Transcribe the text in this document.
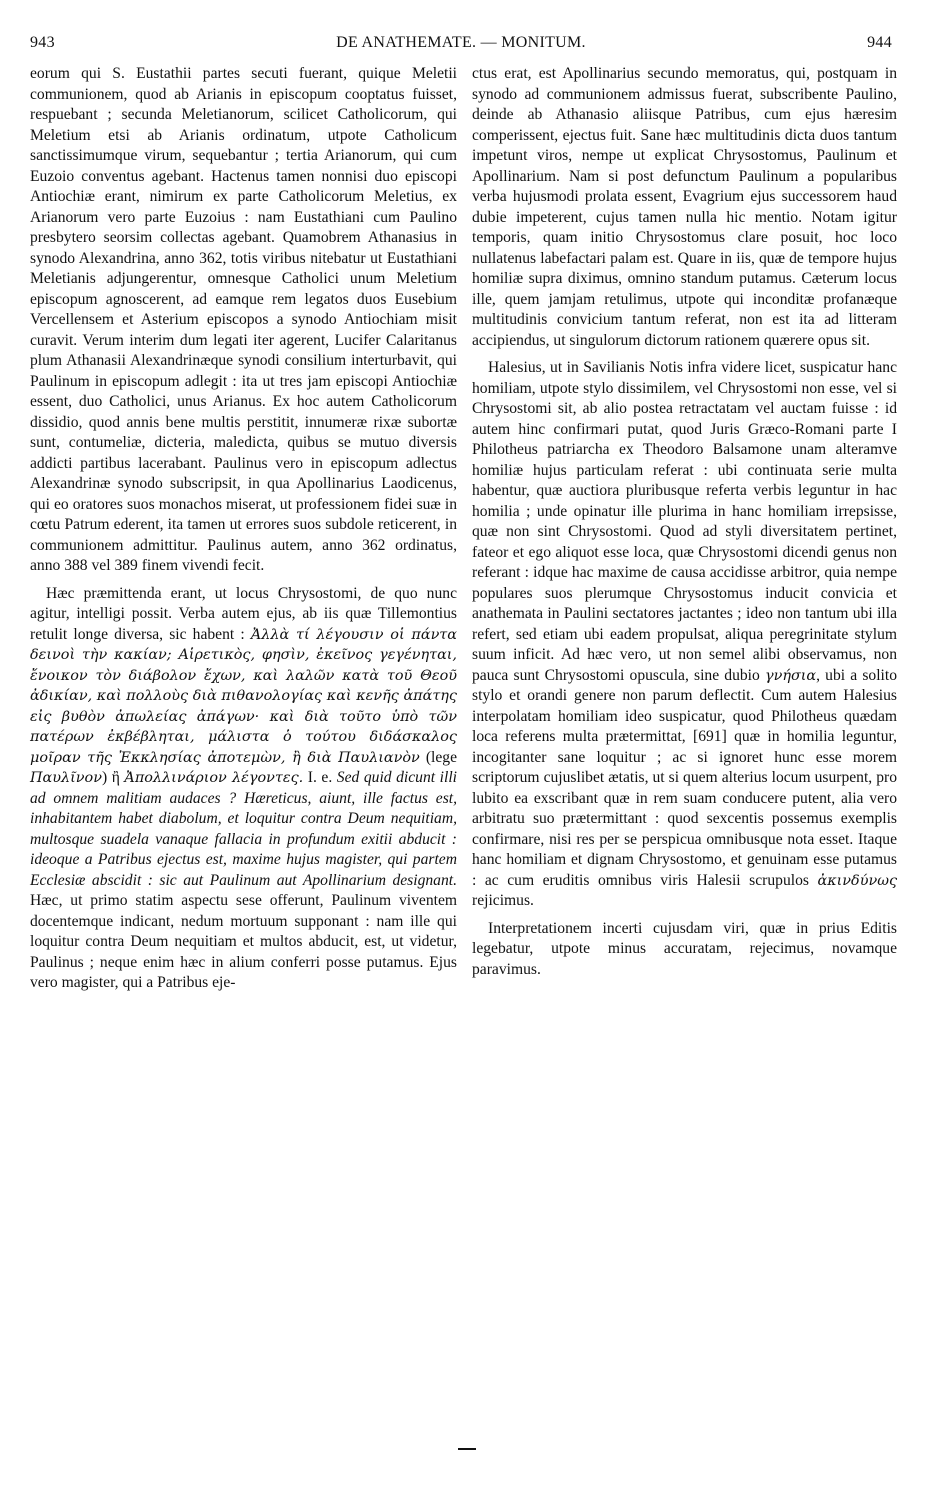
943	DE ANATHEMATE. — MONITUM.	944

eorum qui S. Eustathii partes secuti fuerant, quique Meletii communionem, quod ab Arianis in episcopum cooptatus fuisset, respuebant ; secunda Meletianorum, scilicet Catholicorum, qui Meletium etsi ab Arianis ordinatum, utpote Catholicum sanctissimumque virum, sequebantur ; tertia Arianorum, qui cum Euzoio conventus agebant. Hactenus tamen nonnisi duo episcopi Antiochiæ erant, nimirum ex parte Catholicorum Meletius, ex Arianorum vero parte Euzoius : nam Eustathiani cum Paulino presbytero seorsim collectas agebant. Quamobrem Athanasius in synodo Alexandrina, anno 362, totis viribus nitebatur ut Eustathiani Meletianis adjungerentur, omnesque Catholici unum Meletium episcopum agnoscerent, ad eamque rem legatos duos Eusebium Vercellensem et Asterium episcopos a synodo Antiochiam misit curavit. Verum interim dum legati iter agerent, Lucifer Calaritanus plum Athanasii Alexandrinæque synodi consilium interturbavit, qui Paulinum in episcopum adlegit : ita ut tres jam episcopi Antiochiæ essent, duo Catholici, unus Arianus. Ex hoc autem Catholicorum dissidio, quod annis bene multis perstitit, innumeræ rixæ subortæ sunt, contumeliæ, dicteria, maledicta, quibus se mutuo diversis addicti partibus lacerabant. Paulinus vero in episcopum adlectus Alexandrinæ synodo subscripsit, in qua Apollinarius Laodicenus, qui eo oratores suos monachos miserat, ut professionem fidei suæ in cœtu Patrum ederent, ita tamen ut errores suos subdole reticerent, in communionem admittitur. Paulinus autem, anno 362 ordinatus, anno 388 vel 389 finem vivendi fecit.

Hæc præmittenda erant, ut locus Chrysostomi, de quo nunc agitur, intelligi possit. Verba autem ejus, ab iis quæ Tillemontius retulit longe diversa, sic habent : Ἀλλὰ τί λέγουσιν οἱ πάντα δεινοὶ τὴν κακίαν; Αἱρετικὸς, φησὶν, ἐκεῖνος γεγένηται, ἔνοικον τὸν διάβολον ἔχων, καὶ λαλῶν κατὰ τοῦ Θεοῦ ἀδικίαν, καὶ πολλοὺς διὰ πιθανολογίας καὶ κενῆς ἀπάτης εἰς βυθὸν ἀπωλείας ἀπάγων· καὶ διὰ τοῦτο ὑπὸ τῶν πατέρων ἐκβέβληται, μάλιστα ὁ τούτου διδάσκαλος μοῖραν τῆς Ἐκκλησίας ἀποτεμὼν, ἢ διὰ Παυλιανὸν (lege Παυλῖνον) ἢ Ἀπολλινάριον λέγοντες. I. e. Sed quid dicunt illi ad omnem malitiam audaces ? Hæreticus, aiunt, ille factus est, inhabitantem habet diabolum, et loquitur contra Deum nequitiam, multosque suadela vanaque fallacia in profundum exitii abducit : ideoque a Patribus ejectus est, maxime hujus magister, qui partem Ecclesiæ abscidit : sic aut Paulinum aut Apollinarium designant. Hæc, ut primo statim aspectu sese offerunt, Paulinum viventem docentemque indicant, nedum mortuum supponant : nam ille qui loquitur contra Deum nequitiam et multos abducit, est, ut videtur, Paulinus ; neque enim hæc in alium conferri posse putamus. Ejus vero magister, qui a Patribus eje-

ctus erat, est Apollinarius secundo memoratus, qui, postquam in synodo ad communionem admissus fuerat, subscribente Paulino, deinde ab Athanasio aliisque Patribus, cum ejus hæresim comperissent, ejectus fuit. Sane hæc multitudinis dicta duos tantum impetunt viros, nempe ut explicat Chrysostomus, Paulinum et Apollinarium. Nam si post defunctum Paulinum a popularibus verba hujusmodi prolata essent, Evagrium ejus successorem haud dubie impeterent, cujus tamen nulla hic mentio. Notam igitur temporis, quam initio Chrysostomus clare posuit, hoc loco nullatenus labefactari palam est. Quare in iis, quæ de tempore hujus homiliæ supra diximus, omnino standum putamus. Cæterum locus ille, quem jamjam retulimus, utpote qui inconditæ profanæque multitudinis convicium tantum referat, non est ita ad litteram accipiendus, ut singulorum dictorum rationem quærere opus sit.

Halesius, ut in Savilianis Notis infra videre licet, suspicatur hanc homiliam, utpote stylo dissimilem, vel Chrysostomi non esse, vel si Chrysostomi sit, ab alio postea retractatam vel auctam fuisse : id autem hinc confirmari putat, quod Juris Græco-Romani parte I Philotheus patriarcha ex Theodoro Balsamone unam alteramve homiliæ hujus particulam referat : ubi continuata serie multa habentur, quæ auctiora pluribusque referta verbis leguntur in hac homilia ; unde opinatur ille plurima in hanc homiliam irrepsisse, quæ non sint Chrysostomi. Quod ad styli diversitatem pertinet, fateor et ego aliquot esse loca, quæ Chrysostomi dicendi genus non referant : idque hac maxime de causa accidisse arbitror, quia nempe populares suos plerumque Chrysostomus inducit convicia et anathemata in Paulini sectatores jactantes ; ideo non tantum ubi illa refert, sed etiam ubi eadem propulsat, aliqua peregrinitate stylum suum inficit. Ad hæc vero, ut non semel alibi observamus, non pauca sunt Chrysostomi opuscula, sine dubio γνήσια, ubi a solito stylo et orandi genere non parum deflectit. Cum autem Halesius interpolatam homiliam ideo suspicatur, quod Philotheus quædam loca referens multa prætermittat, [691] quæ in homilia leguntur, incogitanter sane loquitur ; ac si ignoret hunc esse morem scriptorum cujuslibet ætatis, ut si quem alterius locum usurpent, pro lubito ea exscribant quæ in rem suam conducere putent, alia vero arbitratu suo prætermittant : quod sexcentis possemus exemplis confirmare, nisi res per se perspicua omnibusque nota esset. Itaque hanc homiliam et dignam Chrysostomo, et genuinam esse putamus : ac cum eruditis omnibus viris Halesii scrupulos ἀκινδύνως rejicimus.

Interpretationem incerti cujusdam viri, quæ in prius Editis legebatur, utpote minus accuratam, rejecimus, novamque paravimus.
